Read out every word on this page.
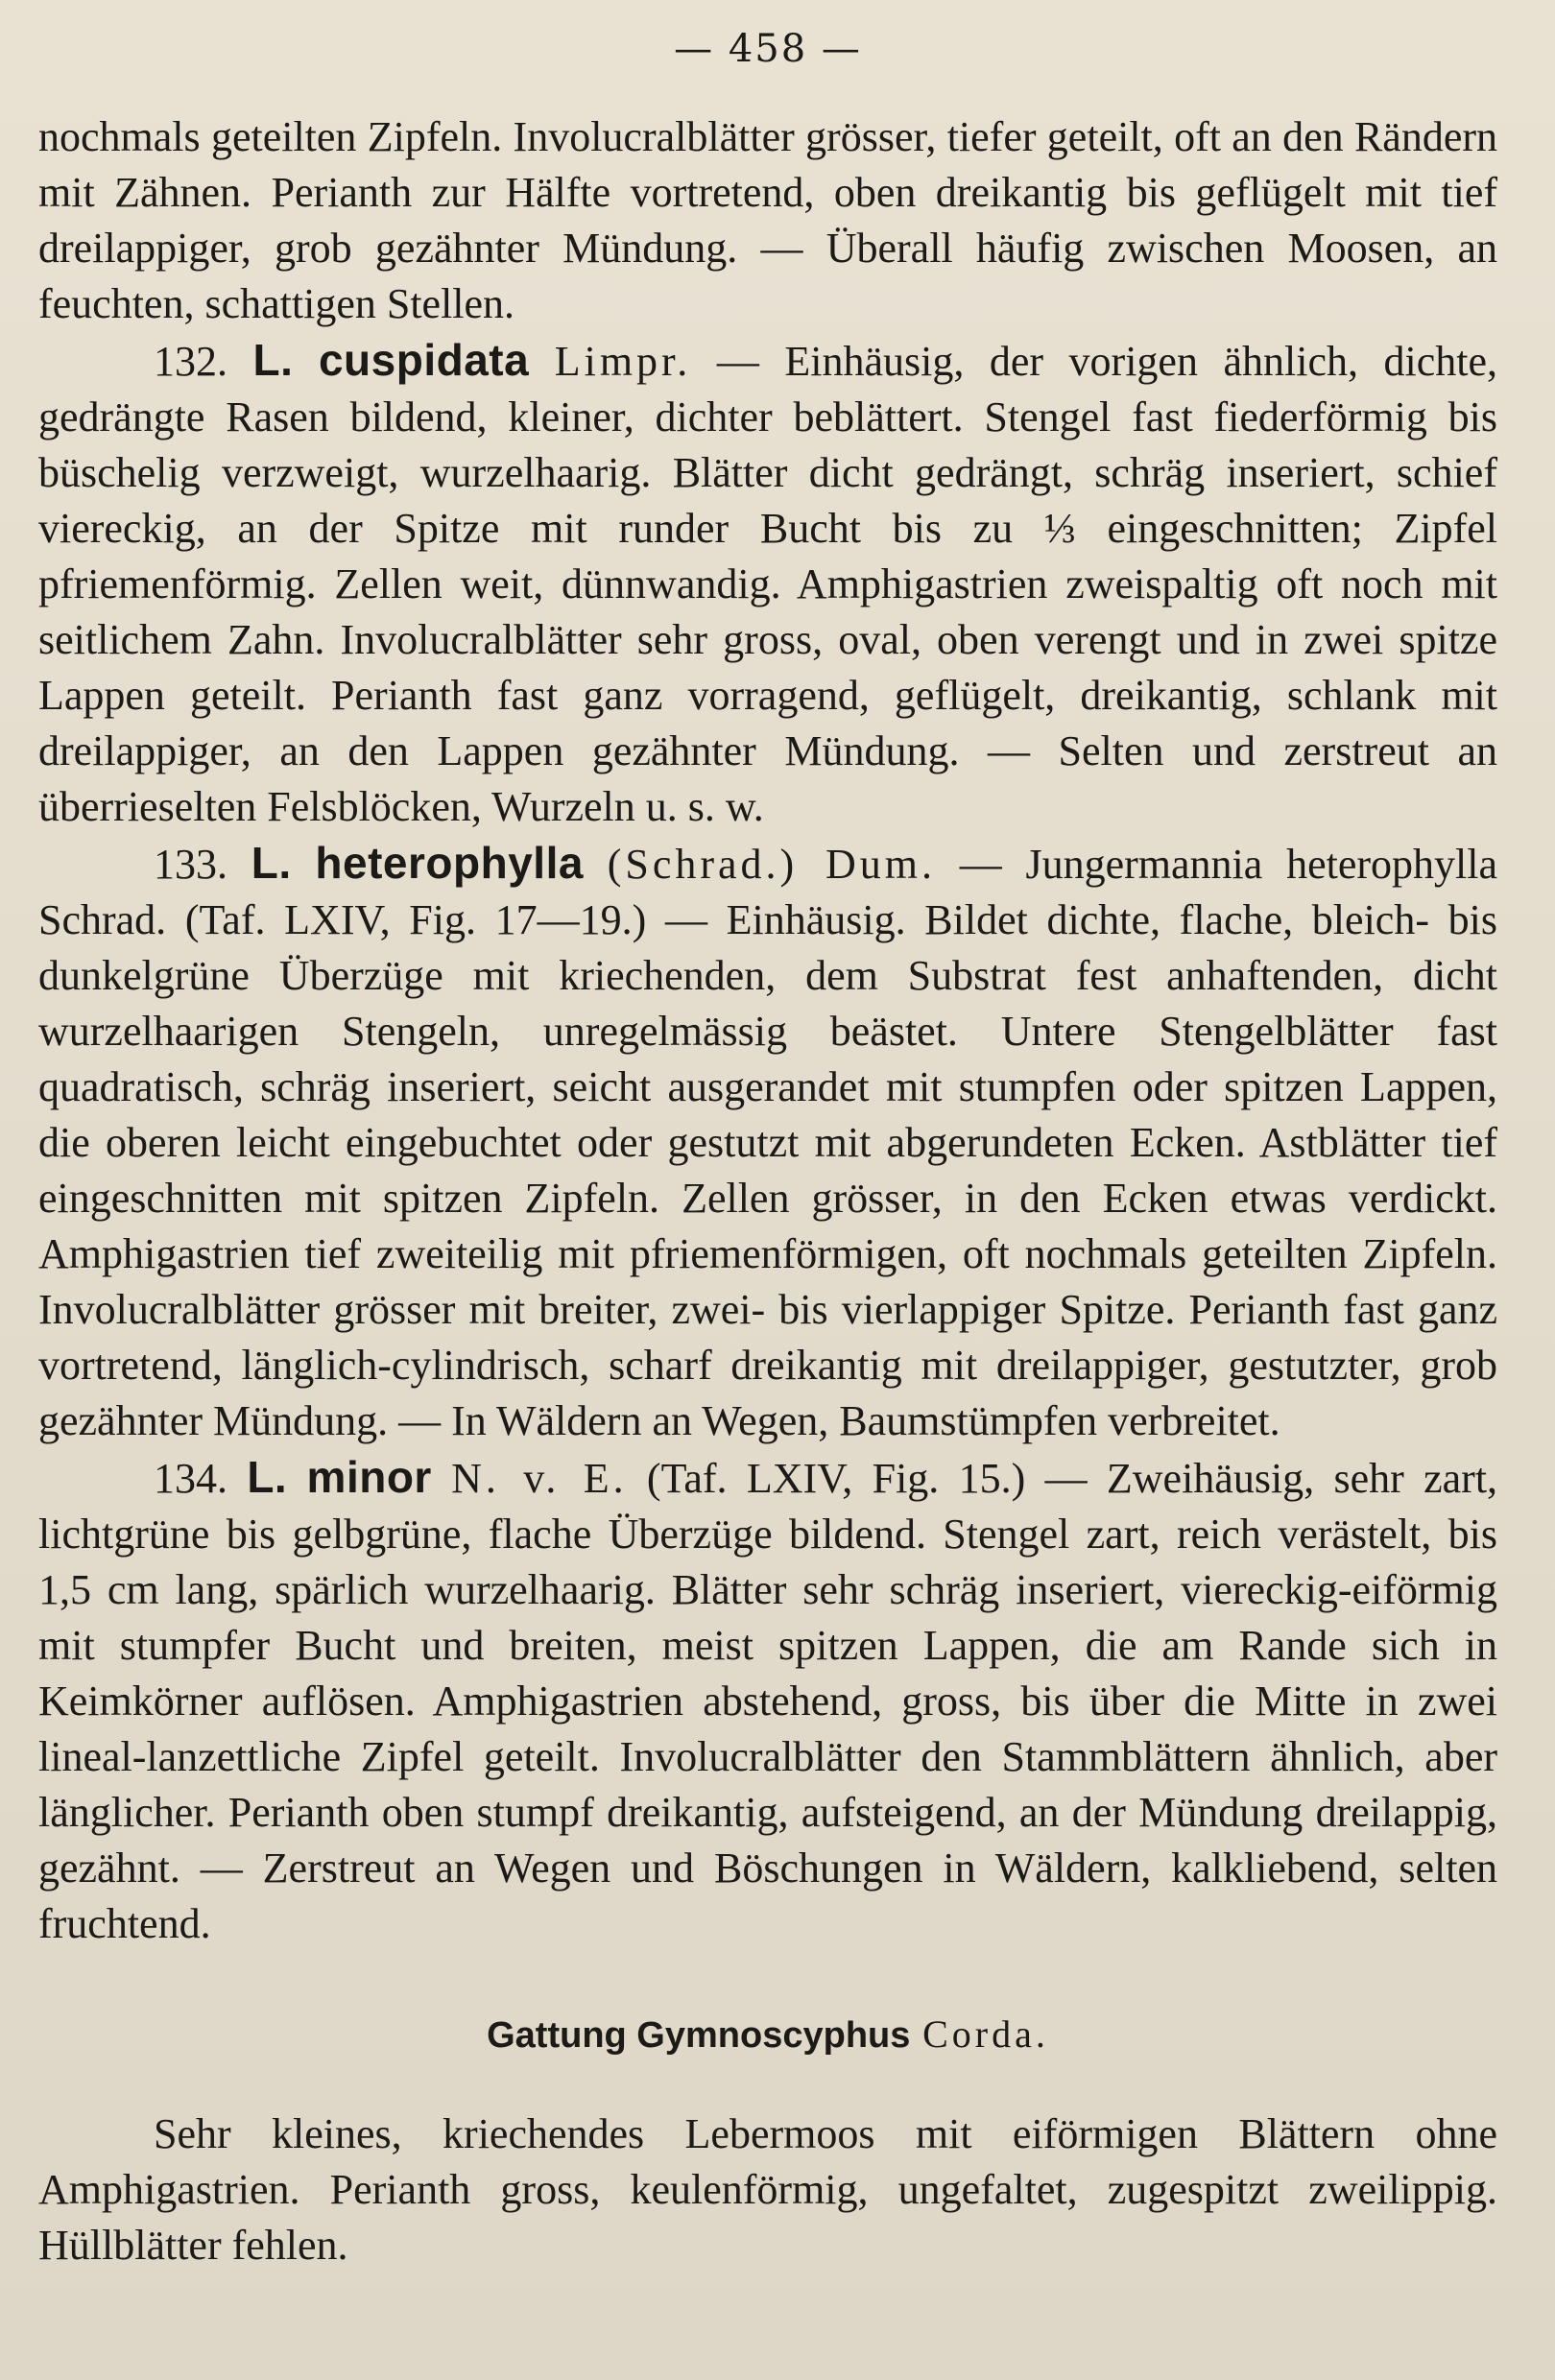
— 458 —

nochmals geteilten Zipfeln. Involucralblätter grösser, tiefer geteilt, oft an den Rändern mit Zähnen. Perianth zur Hälfte vortretend, oben dreikantig bis geflügelt mit tief dreilappiger, grob gezähnter Mündung. — Überall häufig zwischen Moosen, an feuchten, schattigen Stellen.

132. L. cuspidata Limpr. — Einhäusig, der vorigen ähnlich, dichte, gedrängte Rasen bildend, kleiner, dichter beblättert. Stengel fast fiederförmig bis büschelig verzweigt, wurzelhaarig. Blätter dicht gedrängt, schräg inseriert, schief viereckig, an der Spitze mit runder Bucht bis zu ⅓ eingeschnitten; Zipfel pfriemenförmig. Zellen weit, dünnwandig. Amphigastrien zweispaltig oft noch mit seitlichem Zahn. Involucralblätter sehr gross, oval, oben verengt und in zwei spitze Lappen geteilt. Perianth fast ganz vorragend, geflügelt, dreikantig, schlank mit dreilappiger, an den Lappen gezähnter Mündung. — Selten und zerstreut an überrieselten Felsblöcken, Wurzeln u. s. w.

133. L. heterophylla (Schrad.) Dum. — Jungermannia heterophylla Schrad. (Taf. LXIV, Fig. 17—19.) — Einhäusig. Bildet dichte, flache, bleich- bis dunkelgrüne Überzüge mit kriechenden, dem Substrat fest anhaftenden, dicht wurzelhaarigen Stengeln, unregelmässig beästet. Untere Stengelblätter fast quadratisch, schräg inseriert, seicht ausgerandet mit stumpfen oder spitzen Lappen, die oberen leicht eingebuchtet oder gestutzt mit abgerundeten Ecken. Astblätter tief eingeschnitten mit spitzen Zipfeln. Zellen grösser, in den Ecken etwas verdickt. Amphigastrien tief zweiteilig mit pfriemenförmigen, oft nochmals geteilten Zipfeln. Involucralblätter grösser mit breiter, zwei- bis vierlappiger Spitze. Perianth fast ganz vortretend, länglich-cylindrisch, scharf dreikantig mit dreilappiger, gestutzter, grob gezähnter Mündung. — In Wäldern an Wegen, Baumstümpfen verbreitet.

134. L. minor N. v. E. (Taf. LXIV, Fig. 15.) — Zweihäusig, sehr zart, lichtgrüne bis gelbgrüne, flache Überzüge bildend. Stengel zart, reich verästelt, bis 1,5 cm lang, spärlich wurzelhaarig. Blätter sehr schräg inseriert, viereckig-eiförmig mit stumpfer Bucht und breiten, meist spitzen Lappen, die am Rande sich in Keimkörner auflösen. Amphigastrien abstehend, gross, bis über die Mitte in zwei lineal-lanzettliche Zipfel geteilt. Involucralblätter den Stammblättern ähnlich, aber länglicher. Perianth oben stumpf dreikantig, aufsteigend, an der Mündung dreilappig, gezähnt. — Zerstreut an Wegen und Böschungen in Wäldern, kalkliebend, selten fruchtend.

Gattung Gymnoscyphus Corda.

Sehr kleines, kriechendes Lebermoos mit eiförmigen Blättern ohne Amphigastrien. Perianth gross, keulenförmig, ungefaltet, zugespitzt zweilippig. Hüllblätter fehlen.
